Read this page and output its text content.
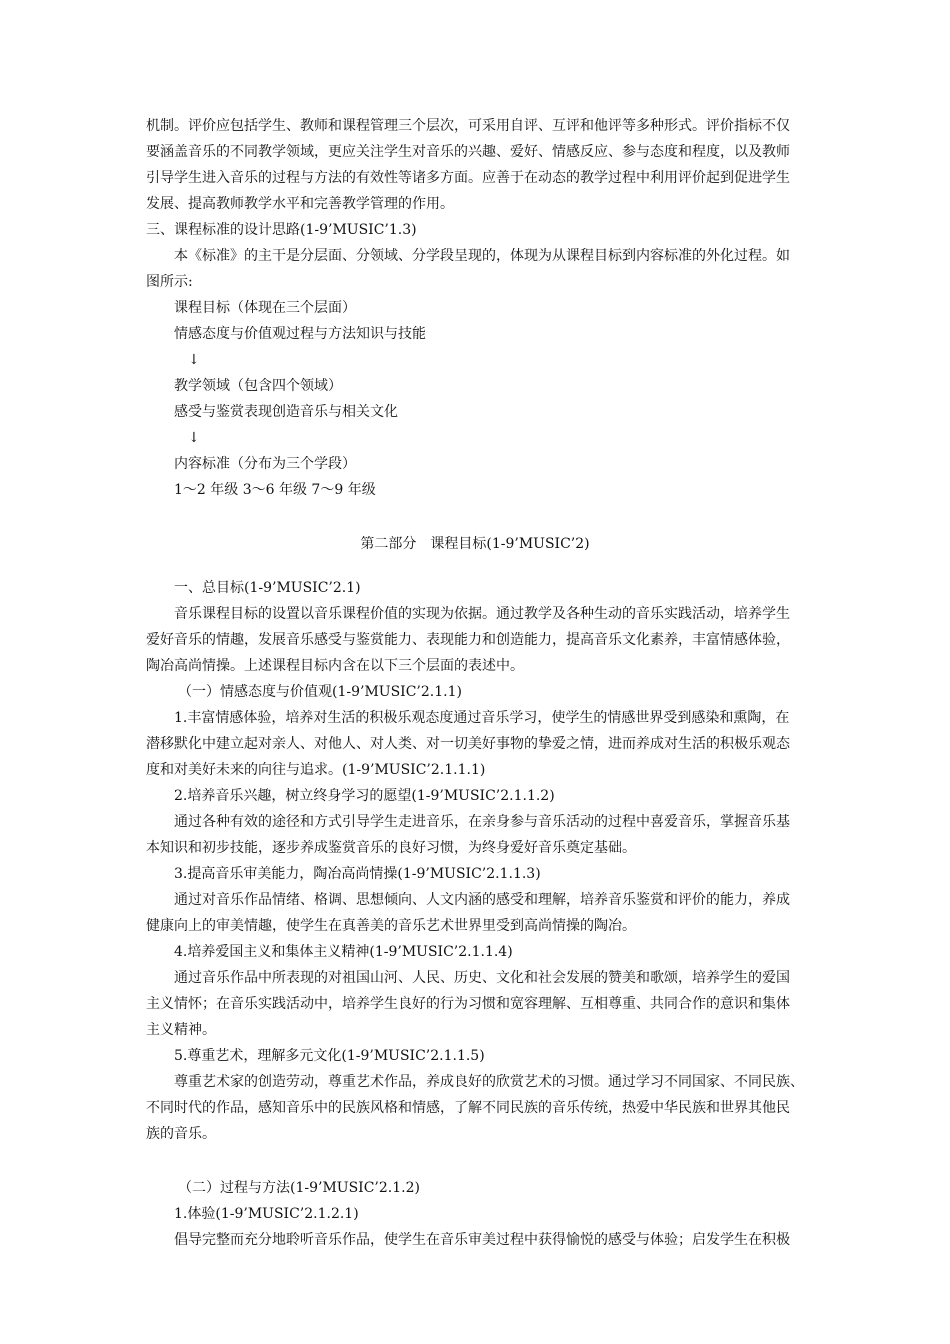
机制。评价应包括学生、教师和课程管理三个层次，可采用自评、互评和他评等多种形式。评价指标不仅
要涵盖音乐的不同教学领域，更应关注学生对音乐的兴趣、爱好、情感反应、参与态度和程度，以及教师
引导学生进入音乐的过程与方法的有效性等诸多方面。应善于在动态的教学过程中利用评价起到促进学生
发展、提高教师教学水平和完善教学管理的作用。
三、课程标准的设计思路(1-9’MUSIC’1.3)
本《标准》的主干是分层面、分领域、分学段呈现的，体现为从课程目标到内容标准的外化过程。如
图所示:
课程目标（体现在三个层面）
情感态度与价值观过程与方法知识与技能
↓
教学领域（包含四个领域）
感受与鉴赏表现创造音乐与相关文化
↓
内容标准（分布为三个学段）
1～2 年级 3～6 年级 7～9 年级
第二部分　课程目标(1-9’MUSIC’2)
一、总目标(1-9’MUSIC’2.1)
音乐课程目标的设置以音乐课程价值的实现为依据。通过教学及各种生动的音乐实践活动，培养学生
爱好音乐的情趣，发展音乐感受与鉴赏能力、表现能力和创造能力，提高音乐文化素养，丰富情感体验，
陶冶高尚情操。上述课程目标内含在以下三个层面的表述中。
（一）情感态度与价值观(1-9’MUSIC’2.1.1)
1.丰富情感体验，培养对生活的积极乐观态度通过音乐学习，使学生的情感世界受到感染和熏陶，在
潜移默化中建立起对亲人、对他人、对人类、对一切美好事物的挚爱之情，进而养成对生活的积极乐观态
度和对美好未来的向往与追求。(1-9’MUSIC’2.1.1.1)
2.培养音乐兴趣，树立终身学习的愿望(1-9’MUSIC’2.1.1.2)
通过各种有效的途径和方式引导学生走进音乐，在亲身参与音乐活动的过程中喜爱音乐，掌握音乐基
本知识和初步技能，逐步养成鉴赏音乐的良好习惯，为终身爱好音乐奠定基础。
3.提高音乐审美能力，陶冶高尚情操(1-9’MUSIC’2.1.1.3)
通过对音乐作品情绪、格调、思想倾向、人文内涵的感受和理解，培养音乐鉴赏和评价的能力，养成
健康向上的审美情趣，使学生在真善美的音乐艺术世界里受到高尚情操的陶冶。
4.培养爱国主义和集体主义精神(1-9’MUSIC’2.1.1.4)
通过音乐作品中所表现的对祖国山河、人民、历史、文化和社会发展的赞美和歌颂，培养学生的爱国
主义情怀；在音乐实践活动中，培养学生良好的行为习惯和宽容理解、互相尊重、共同合作的意识和集体
主义精神。
5.尊重艺术，理解多元文化(1-9’MUSIC’2.1.1.5)
尊重艺术家的创造劳动，尊重艺术作品，养成良好的欣赏艺术的习惯。通过学习不同国家、不同民族、
不同时代的作品，感知音乐中的民族风格和情感，了解不同民族的音乐传统，热爱中华民族和世界其他民
族的音乐。
（二）过程与方法(1-9’MUSIC’2.1.2)
1.体验(1-9’MUSIC’2.1.2.1)
倡导完整而充分地聆听音乐作品，使学生在音乐审美过程中获得愉悦的感受与体验；启发学生在积极
